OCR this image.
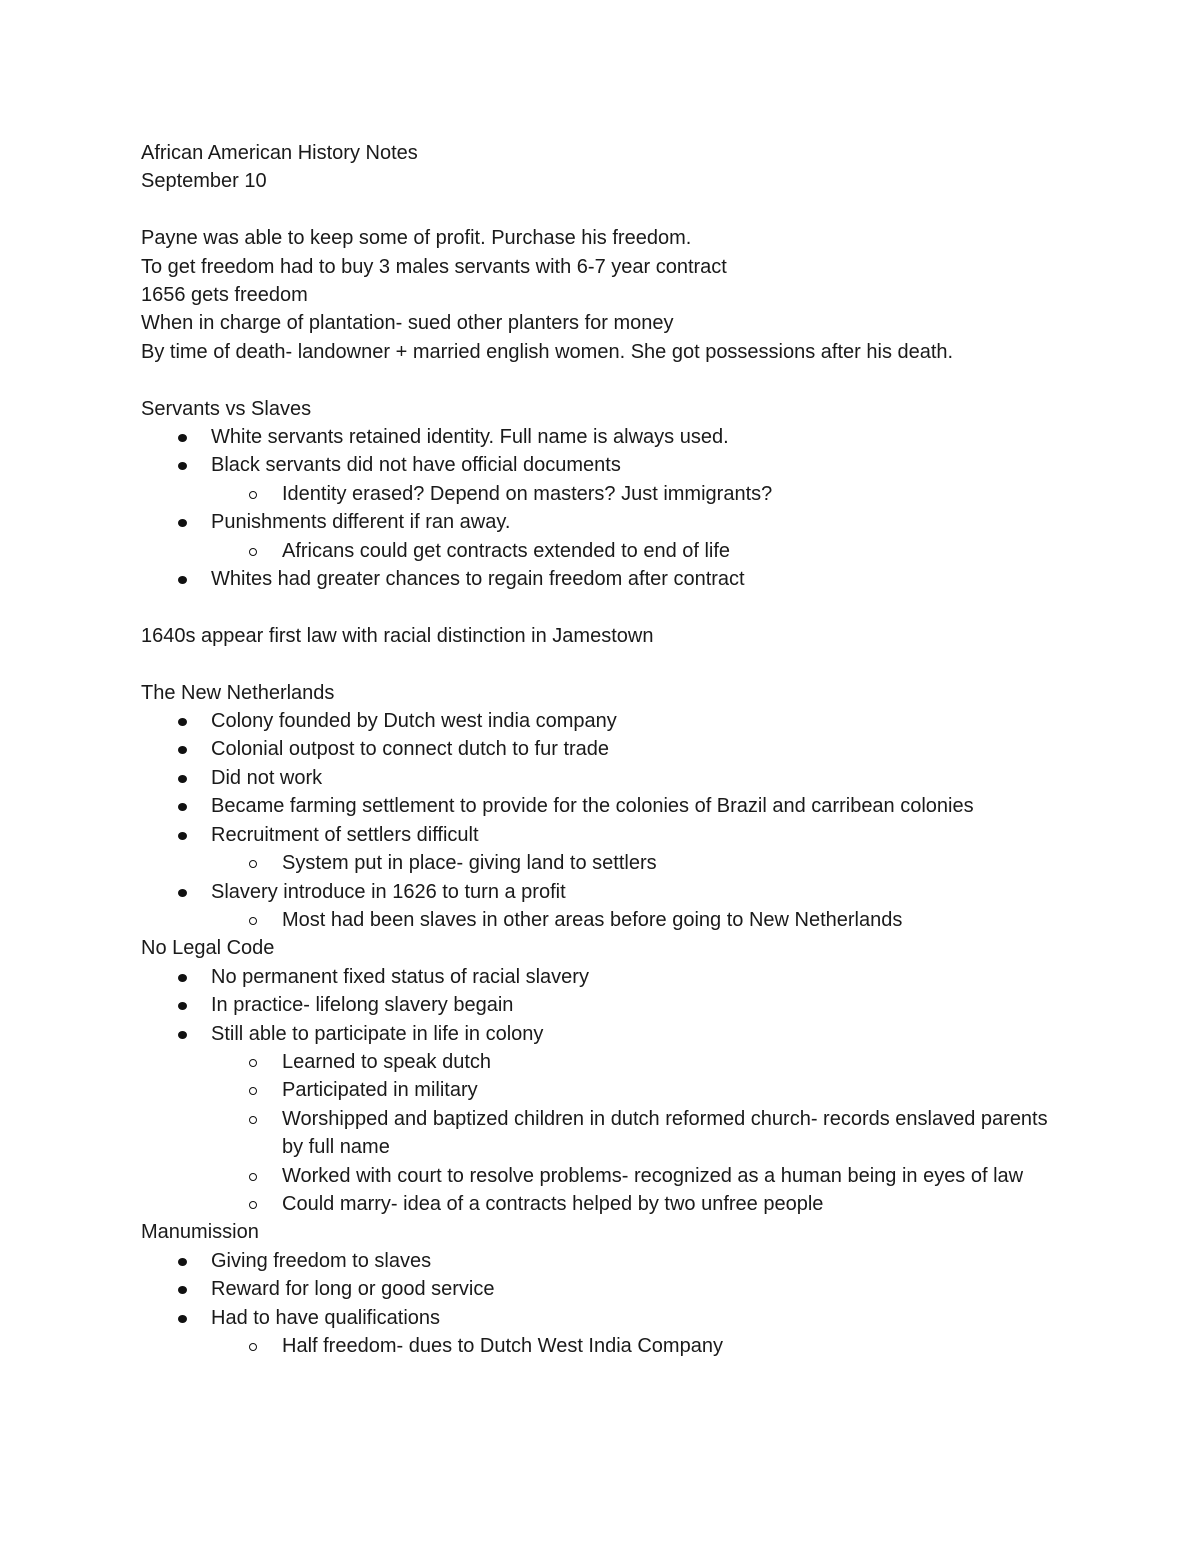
African American History Notes

September 10

Payne was able to keep some of profit. Purchase his freedom.

To get freedom had to buy 3 males servants with 6-7 year contract

1656 gets freedom

When in charge of plantation- sued other planters for money

By time of death- landowner + married english women. She got possessions after his death.

Servants vs Slaves

White servants retained identity. Full name is always used.
Black servants did not have official documents
Identity erased? Depend on masters? Just immigrants?
Punishments different if ran away.
Africans could get contracts extended to end of life
Whites had greater chances to regain freedom after contract

1640s appear first law with racial distinction in Jamestown

The New Netherlands

Colony founded by Dutch west india company
Colonial outpost to connect dutch to fur trade
Did not work
Became farming settlement to provide for the colonies of Brazil and carribean colonies
Recruitment of settlers difficult
System put in place- giving land to settlers
Slavery introduce in 1626 to turn a profit
Most had been slaves in other areas before going to New Netherlands

No Legal Code

No permanent fixed status of racial slavery
In practice- lifelong slavery begain
Still able to participate in life in colony
Learned to speak dutch
Participated in military
Worshipped and baptized children in dutch reformed church- records enslaved parents by full name
Worked with court to resolve problems- recognized as a human being in eyes of law
Could marry- idea of a contracts helped by two unfree people

Manumission

Giving freedom to slaves
Reward for long or good service
Had to have qualifications
Half freedom- dues to Dutch West India Company
